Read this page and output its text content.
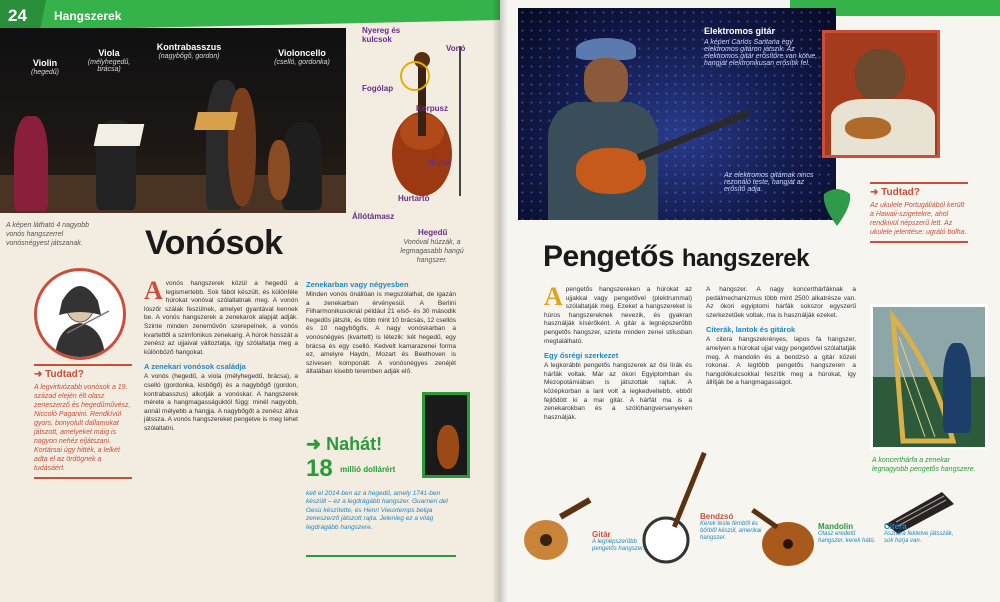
24 Hangszerek
Violin
(hegedű)
Viola
(mélyhegedű, brácsa)
Kontrabasszus
(nagybőgő, gordon)	Violoncello
(cselló, gordonka)
A képen látható 4 nagyobb vonós hangszerrel vonósnégyest játszanak.
Nyereg és kulcsok
Vonó
Fogólap
Korpusz
Húrok
Hurtartó
Állótámasz
Hegedű
Vonóval húzzák, a legmagasabb hangú hangszer.
Vonósok
➜ Tudtad?
A legvirtuózabb vonósok a 19. század elején élt olasz zeneszerző és hegedűművész, Niccolò Paganini. Rendkívül gyors, bonyolult dallamokat játszott, amelyeket máig is nagyon nehéz eljátszani. Kortársai úgy hitték, a lelkét adta el az ördögnek a tudásáért.
A vonós hangszerek közül a hegedű a legismertebb. Sok fából készült, és különféle húrokat vonóval szólaltatnak meg. A vonón lószőr szálak feszülnek, amelyet gyantával kennek be. A vonós hangszerek a zenekarok alapját adják. Szinte minden zeneművön szerepelnek, a vonós kvartettől a szimfonikus zenekarig. A húrok hosszát a zenész az ujjaival változtatja, így szólaltatja meg a különböző hangokat.
A zenekari vonósok családja
A vonós (hegedű, a viola (mélyhegedű, brácsa), a cselló (gordonka, kisbőgő) és a nagybőgő (gordon, kontrabasszus) alkotják a vonóskar. A hangszerek mérete a hangmagasságuktól függ: minél nagyobb, annál mélyebb a hangja. A nagybőgőt a zenész állva játssza. A vonós hangszereket pengetve is meg lehet szólaltatni.
Zenekarban vagy négyesben
Minden vonós önállóan is megszólalhat, de igazán a zenekarban érvényesül. A Berlini Filharmonikusoknál például 21 első- és 30 második hegedűs játszik, és több mint 10 brácsás, 12 csellós és 10 nagybőgős. A nagy vonóskarban a vonósnégyes (kvartett) is létezik: két hegedű, egy brácsa és egy cselló. Kedvelt kamarazenei forma ez, amelyre Haydn, Mozart és Beethoven is szívesen komponált. A vonósnégyes zenéjét általában kisebb teremben adják elő.
➜ Nahát!
18 millió dollárért
kelt el 2014-ben az a hegedű, amely 1741-ben készült – ez a legdrágább hangszer. Guarneri del Gesù készítette, és Henri Vieuxtemps belga zeneszerző játszott rajta. Jelenleg ez a világ legdrágább hangszere.
Elektromos gitár
A képen Carlos Santana egy elektromos gitáron játszik. Az elektromos gitár erősítőre van kötve, hangját elektronikusan erősítik fel.
Az elektromos gitárnak nincs rezonáló teste, hangját az erősítő adja.	➜ Tudtad?
Az ukulele Portugáliából került a Hawaii-szigetekre, ahol rendkívül népszerű lett. Az ukulele jelentése: ugráló bolha.
Pengetős hangszerek
A pengetős hangszereken a húrokat az ujjakkal vagy pengetővel (plektrummal) szólaltatják meg. Ezeket a hangszereket is húros hangszereknek nevezik, és gyakran használják kísérőként. A gitár a legnépszerűbb pengetős hangszer, szinte minden zenei stílusban megtalálható.
Egy ősrégi szerkezet
A legkorábbi pengetős hangszerek az ősi lírák és hárfák voltak. Már az ókori Egyiptomban és Mezopotámiában is játszottak rajtuk. A középkorban a lant volt a legkedveltebb, ebből fejlődött ki a mai gitár. A hárfát ma is a zenekarokban és a szólóhangversenyeken használják.
A hangszer. A nagy koncerthárfáknak a pedálmechanizmus több mint 2500 alkatrésze van. Az ókori egyiptomi hárfák sokszor egyszerű szerkezetűek voltak, ma is használják ezeket.
Citerák, lantok és gitárok
A citera hangszekrényes, lapos fa hangszer, amelyen a húrokat ujjal vagy pengetővel szólaltatják meg. A mandolin és a bendzsó a gitár közeli rokonai. A legtöbb pengetős hangszeren a hangolókulcsokkal feszítik meg a húrokat, így állítják be a hangmagasságot.
A koncerthárfa a zenekar legnagyobb pengetős hangszere.
Gitár
A legnépszerűbb pengetős hangszer.
Bendzsó
Kerek teste fémből és bőrből készül, amerikai hangszer.
Mandolin
Olasz eredetű hangszer, kerek hátú.
Citera
Asztalra fektetve játsszák, sok húrja van.
